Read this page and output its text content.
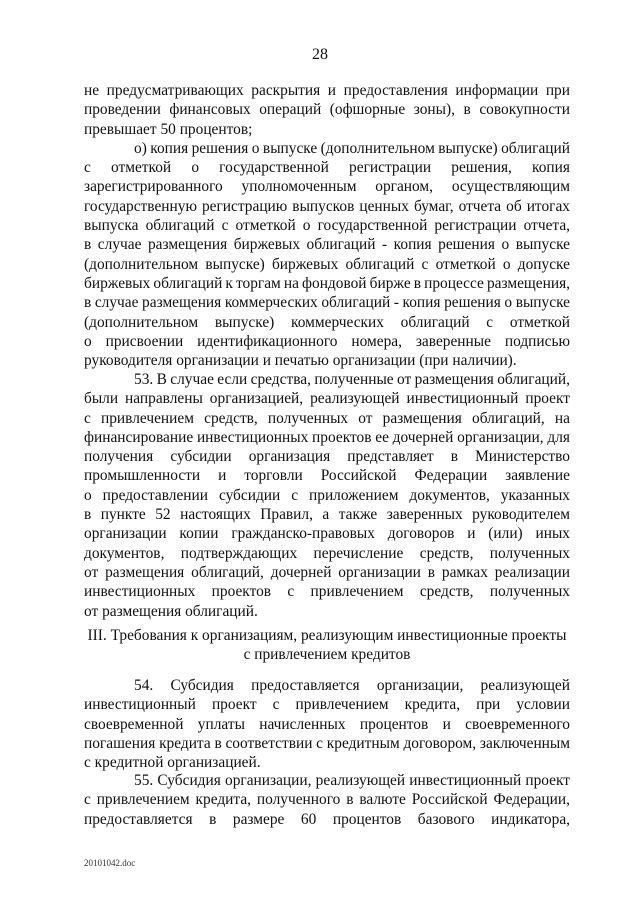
28
не предусматривающих раскрытия и предоставления информации при
проведении финансовых операций (офшорные зоны), в совокупности
превышает 50 процентов;
о) копия решения о выпуске (дополнительном выпуске) облигаций
с отметкой о государственной регистрации решения, копия
зарегистрированного уполномоченным органом, осуществляющим
государственную регистрацию выпусков ценных бумаг, отчета об итогах
выпуска облигаций с отметкой о государственной регистрации отчета,
в случае размещения биржевых облигаций - копия решения о выпуске
(дополнительном выпуске) биржевых облигаций с отметкой о допуске
биржевых облигаций к торгам на фондовой бирже в процессе размещения,
в случае размещения коммерческих облигаций - копия решения о выпуске
(дополнительном выпуске) коммерческих облигаций с отметкой
о присвоении идентификационного номера, заверенные подписью
руководителя организации и печатью организации (при наличии).
53. В случае если средства, полученные от размещения облигаций,
были направлены организацией, реализующей инвестиционный проект
с привлечением средств, полученных от размещения облигаций, на
финансирование инвестиционных проектов ее дочерней организации, для
получения субсидии организация представляет в Министерство
промышленности и торговли Российской Федерации заявление
о предоставлении субсидии с приложением документов, указанных
в пункте 52 настоящих Правил, а также заверенных руководителем
организации копии гражданско-правовых договоров и (или) иных
документов, подтверждающих перечисление средств, полученных
от размещения облигаций, дочерней организации в рамках реализации
инвестиционных проектов с привлечением средств, полученных
от размещения облигаций.
III. Требования к организациям, реализующим инвестиционные проекты
с привлечением кредитов
54. Субсидия предоставляется организации, реализующей
инвестиционный проект с привлечением кредита, при условии
своевременной уплаты начисленных процентов и своевременного
погашения кредита в соответствии с кредитным договором, заключенным
с кредитной организацией.
55. Субсидия организации, реализующей инвестиционный проект
с привлечением кредита, полученного в валюте Российской Федерации,
предоставляется в размере 60 процентов базового индикатора,
20101042.doc
